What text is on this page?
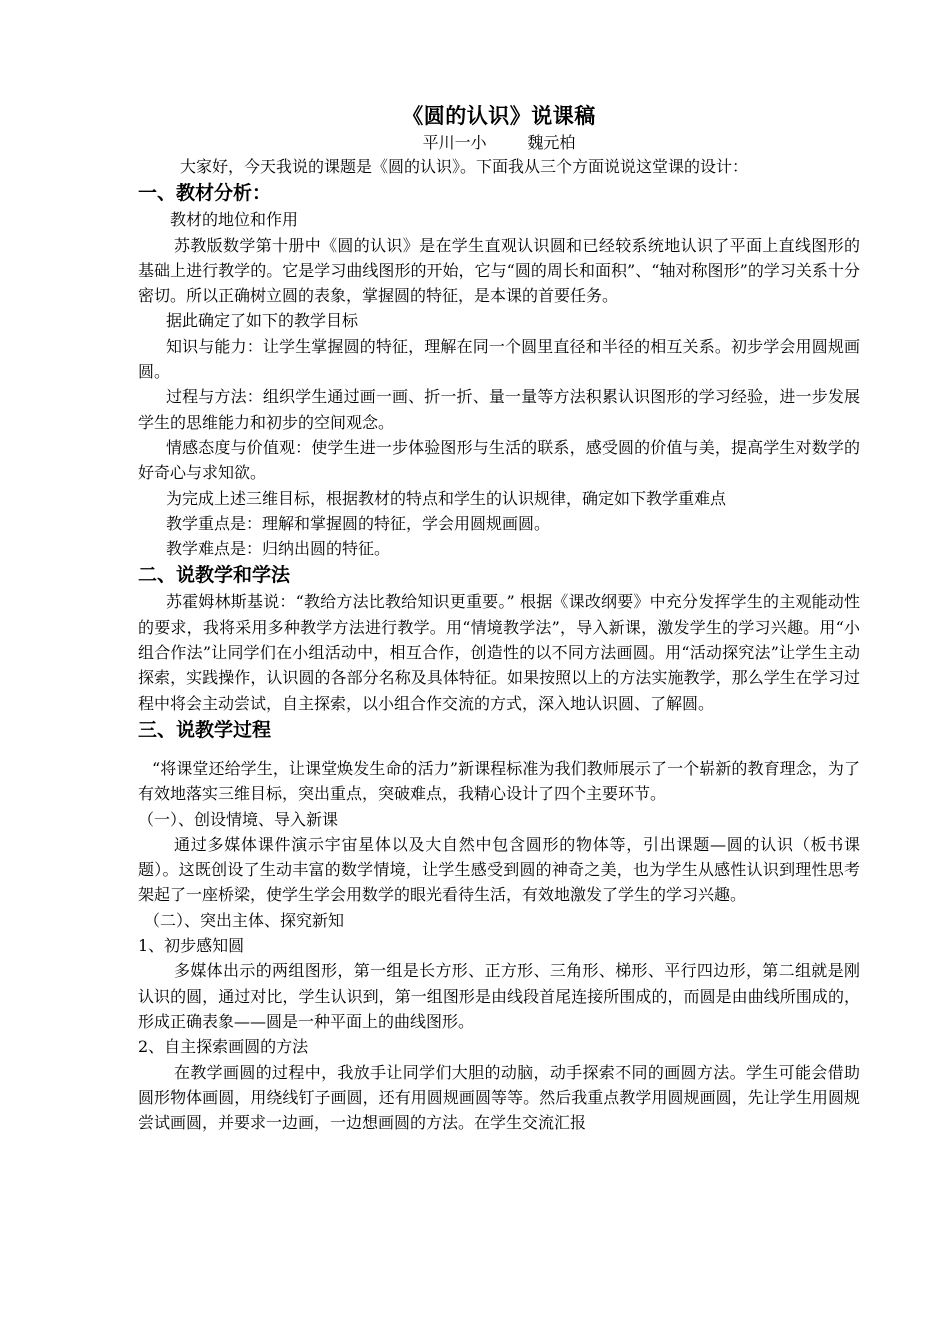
《圆的认识》说课稿

平川一小        魏元柏

大家好，今天我说的课题是《圆的认识》。下面我从三个方面说说这堂课的设计：

一、教材分析：

教材的地位和作用

苏教版数学第十册中《圆的认识》是在学生直观认识圆和已经较系统地认识了平面上直线图形的基础上进行教学的。它是学习曲线图形的开始，它与“圆的周长和面积”、“轴对称图形”的学习关系十分密切。所以正确树立圆的表象，掌握圆的特征，是本课的首要任务。

据此确定了如下的教学目标

知识与能力：让学生掌握圆的特征，理解在同一个圆里直径和半径的相互关系。初步学会用圆规画圆。

过程与方法：组织学生通过画一画、折一折、量一量等方法积累认识图形的学习经验，进一步发展学生的思维能力和初步的空间观念。

情感态度与价值观：使学生进一步体验图形与生活的联系，感受圆的价值与美，提高学生对数学的好奇心与求知欲。

为完成上述三维目标，根据教材的特点和学生的认识规律，确定如下教学重难点

教学重点是：理解和掌握圆的特征，学会用圆规画圆。

教学难点是：归纳出圆的特征。

二、说教学和学法

苏霍姆林斯基说：“教给方法比教给知识更重要。” 根据《课改纲要》中充分发挥学生的主观能动性的要求，我将采用多种教学方法进行教学。用“情境教学法”，导入新课，激发学生的学习兴趣。用“小组合作法”让同学们在小组活动中，相互合作，创造性的以不同方法画圆。用“活动探究法”让学生主动探索，实践操作，认识圆的各部分名称及具体特征。如果按照以上的方法实施教学，那么学生在学习过程中将会主动尝试，自主探索，以小组合作交流的方式，深入地认识圆、了解圆。

三、说教学过程

“将课堂还给学生，让课堂焕发生命的活力”新课程标准为我们教师展示了一个崭新的教育理念，为了有效地落实三维目标，突出重点，突破难点，我精心设计了四个主要环节。

（一）、创设情境、导入新课

通过多媒体课件演示宇宙星体以及大自然中包含圆形的物体等，引出课题—圆的认识（板书课题）。这既创设了生动丰富的数学情境，让学生感受到圆的神奇之美，也为学生从感性认识到理性思考架起了一座桥梁，使学生学会用数学的眼光看待生活，有效地激发了学生的学习兴趣。

（二）、突出主体、探究新知

1、初步感知圆

多媒体出示的两组图形，第一组是长方形、正方形、三角形、梯形、平行四边形，第二组就是刚认识的圆，通过对比，学生认识到，第一组图形是由线段首尾连接所围成的，而圆是由曲线所围成的， 形成正确表象——圆是一种平面上的曲线图形。

2、自主探索画圆的方法

在教学画圆的过程中，我放手让同学们大胆的动脑，动手探索不同的画圆方法。学生可能会借助圆形物体画圆，用绕线钉子画圆，还有用圆规画圆等等。然后我重点教学用圆规画圆，先让学生用圆规尝试画圆，并要求一边画，一边想画圆的方法。在学生交流汇报
